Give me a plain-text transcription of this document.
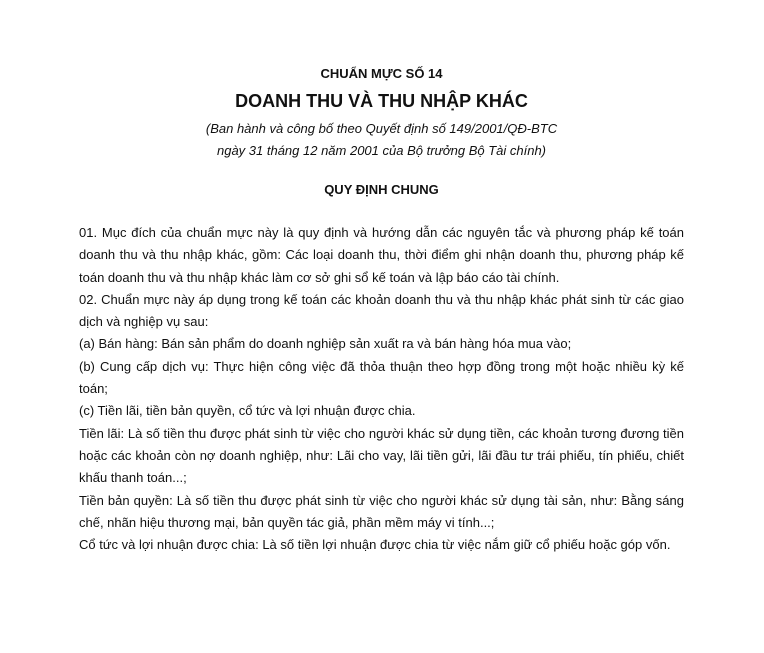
CHUẨN MỰC SỐ 14
DOANH THU VÀ THU NHẬP KHÁC
(Ban hành và công bố theo Quyết định số 149/2001/QĐ-BTC
ngày 31 tháng 12 năm 2001 của Bộ trưởng Bộ Tài chính)
QUY ĐỊNH CHUNG

01. Mục đích của chuẩn mực này là quy định và hướng dẫn các nguyên tắc và phương pháp kế toán doanh thu và thu nhập khác, gồm: Các loại doanh thu, thời điểm ghi nhận doanh thu, phương pháp kế toán doanh thu và thu nhập khác làm cơ sở ghi sổ kế toán và lập báo cáo tài chính.

02. Chuẩn mực này áp dụng trong kế toán các khoản doanh thu và thu nhập khác phát sinh từ các giao dịch và nghiệp vụ sau:

(a) Bán hàng: Bán sản phẩm do doanh nghiệp sản xuất ra và bán hàng hóa mua vào;

(b) Cung cấp dịch vụ: Thực hiện công việc đã thỏa thuận theo hợp đồng trong một hoặc nhiều kỳ kế toán;

(c) Tiền lãi, tiền bản quyền, cổ tức và lợi nhuận được chia.

Tiền lãi: Là số tiền thu được phát sinh từ việc cho người khác sử dụng tiền, các khoản tương đương tiền hoặc các khoản còn nợ doanh nghiệp, như: Lãi cho vay, lãi tiền gửi, lãi đầu tư trái phiếu, tín phiếu, chiết khấu thanh toán...;

Tiền bản quyền: Là số tiền thu được phát sinh từ việc cho người khác sử dụng tài sản, như: Bằng sáng chế, nhãn hiệu thương mại, bản quyền tác giả, phần mềm máy vi tính...;

Cổ tức và lợi nhuận được chia: Là số tiền lợi nhuận được chia từ việc nắm giữ cổ phiếu hoặc góp vốn.
